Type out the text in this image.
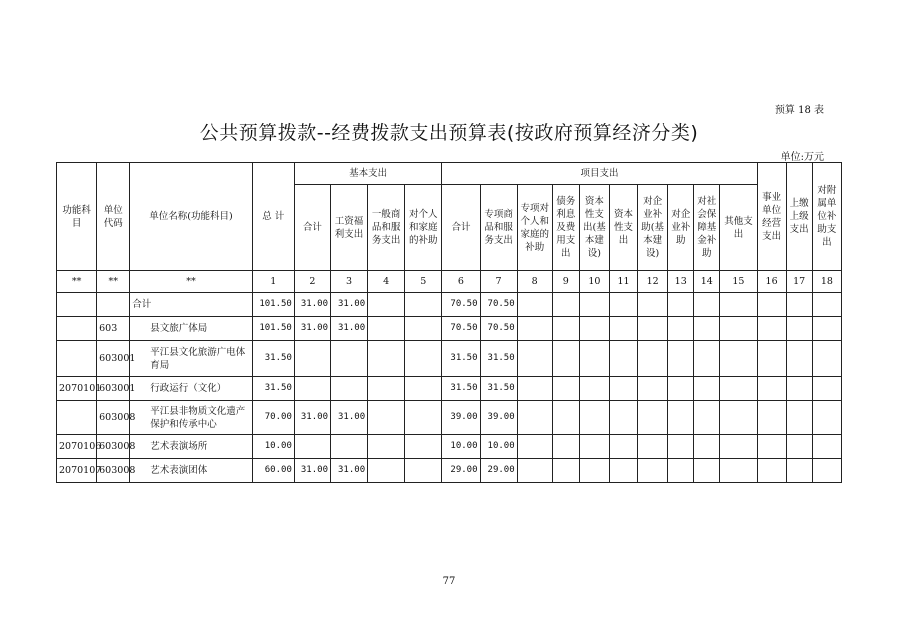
预算 18 表
公共预算拨款--经费拨款支出预算表(按政府预算经济分类)
单位:万元
功能科目	单位代码	单位名称(功能科目)	总 计	基本支出				项目支出										事业单位经营支出	上缴上级支出	对附属单位补助支出
				合计	工资福利支出	一般商品和服务支出	对个人和家庭的补助	合计	专项商品和服务支出	专项对个人和家庭的补助	债务利息及费用支出	资本性支出(基本建设)	资本性支出	对企业补助(基本建设)	对企业补助	对社会保障基金补助	其他支出			
**	**	**	1	2	3	4	5	6	7	8	9	10	11	12	13	14	15	16	17	18
		合计	101.50	31.00	31.00			70.50	70.50											
	603	县文旅广体局	101.50	31.00	31.00			70.50	70.50											
	603001	平江县文化旅游广电体育局	31.50					31.50	31.50											
2070101	603001	行政运行（文化）	31.50					31.50	31.50											
	603008	平江县非物质文化遗产保护和传承中心	70.00	31.00	31.00			39.00	39.00											
2070106	603008	艺术表演场所	10.00					10.00	10.00											
2070107	603008	艺术表演团体	60.00	31.00	31.00			29.00	29.00											
77
